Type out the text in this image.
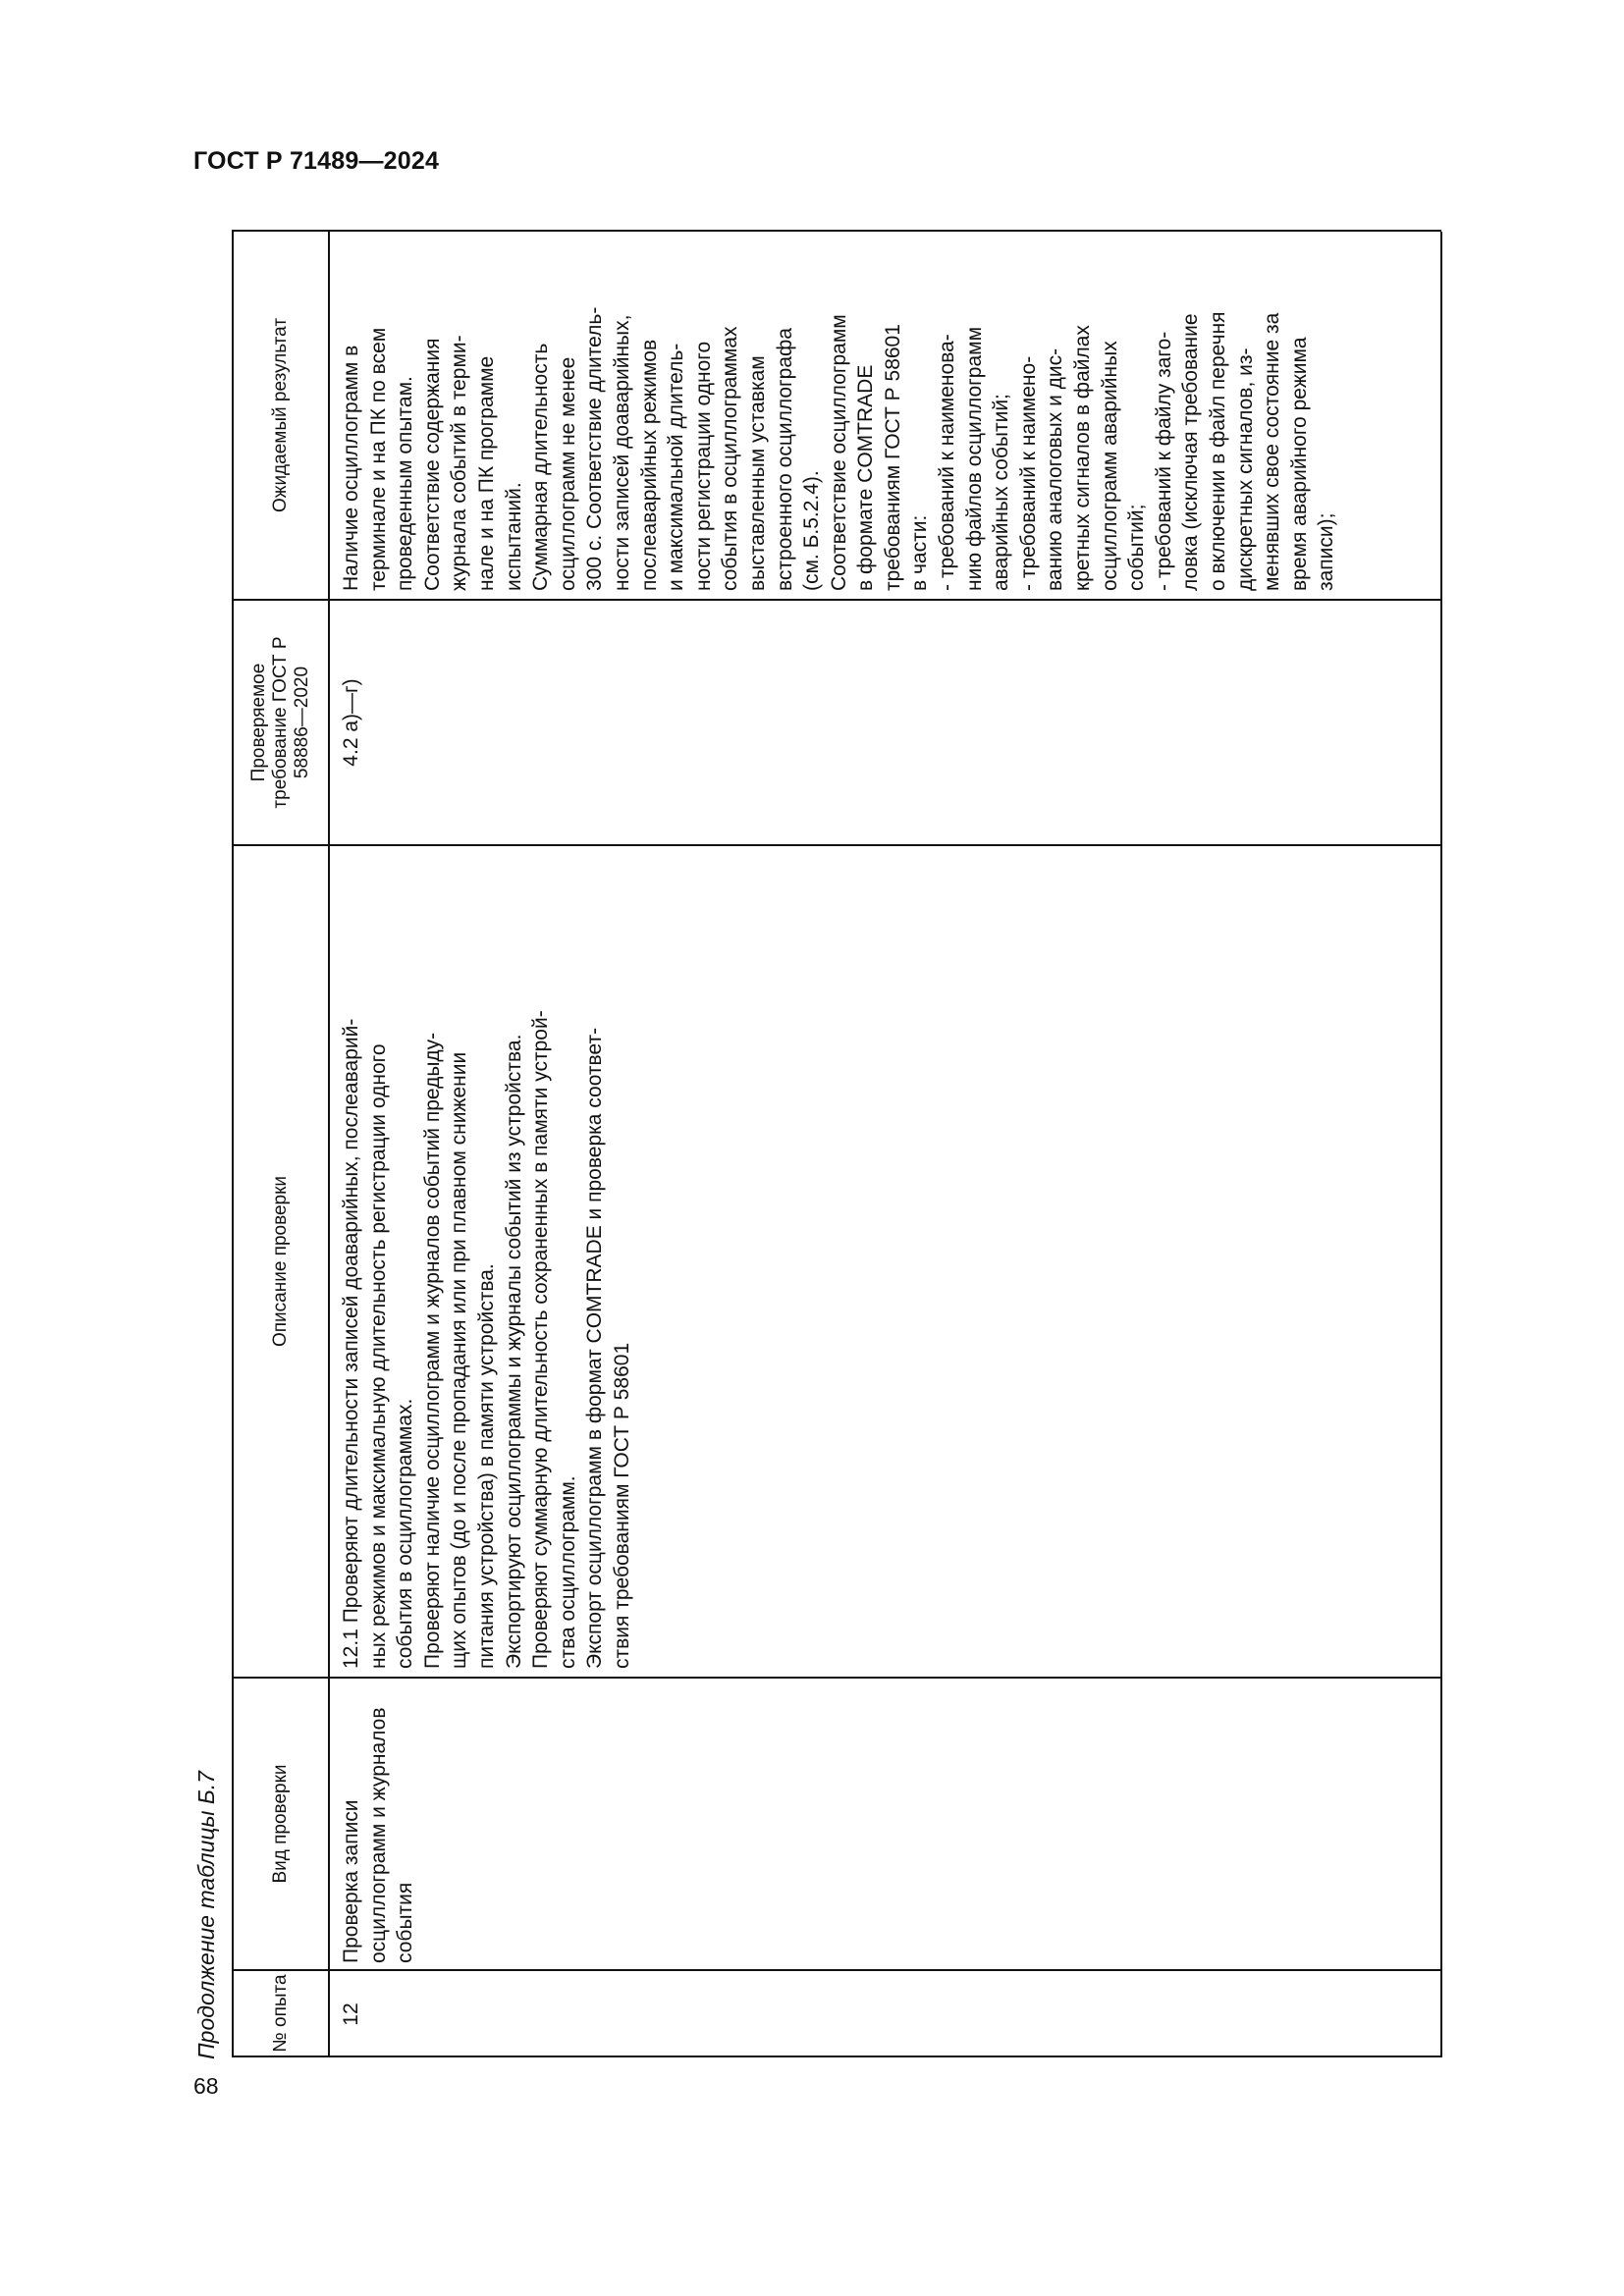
ГОСТ Р 71489—2024
68
Продолжение таблицы Б.7	№ опыта
Вид проверки
Описание проверки
Проверяемое требование ГОСТ Р 58886—2020
Ожидаемый результат
12
Проверка записи осциллограмм и журналов события
12.1 Проверяют длительности записей доаварийных, послеаварий- ных режимов и максимальную длительность регистрации одного события в осциллограммах. Проверяют наличие осциллограмм и журналов событий предыду- щих опытов (до и после пропадания или при плавном снижении питания устройства) в памяти устройства. Экспортируют осциллограммы и журналы событий из устройства. Проверяют суммарную длительность сохраненных в памяти устрой- ства осциллограмм. Экспорт осциллограмм в формат COMTRADE и проверка соответ- ствия требованиям ГОСТ Р 58601
4.2 а)—г)
Наличие осциллограмм в терминале и на ПК по всем проведенным опытам. Соответствие содержания журнала событий в терми- нале и на ПК программе испытаний. Суммарная длительность осциллограмм не менее 300 с. Соответствие длитель- ности записей доаварийных, послеаварийных режимов и максимальной длитель- ности регистрации одного события в осциллограммах выставленным уставкам встроенного осциллографа (см. Б.5.2.4). Соответствие осциллограмм в формате COMTRADE требованиям ГОСТ Р 58601 в части: - требований к наименова- нию файлов осциллограмм аварийных событий; - требований к наимено- ванию аналоговых и дис- кретных сигналов в файлах осциллограмм аварийных событий; - требований к файлу заго- ловка (исключая требование о включении в файл перечня дискретных сигналов, из- менявших свое состояние за время аварийного режима записи);
